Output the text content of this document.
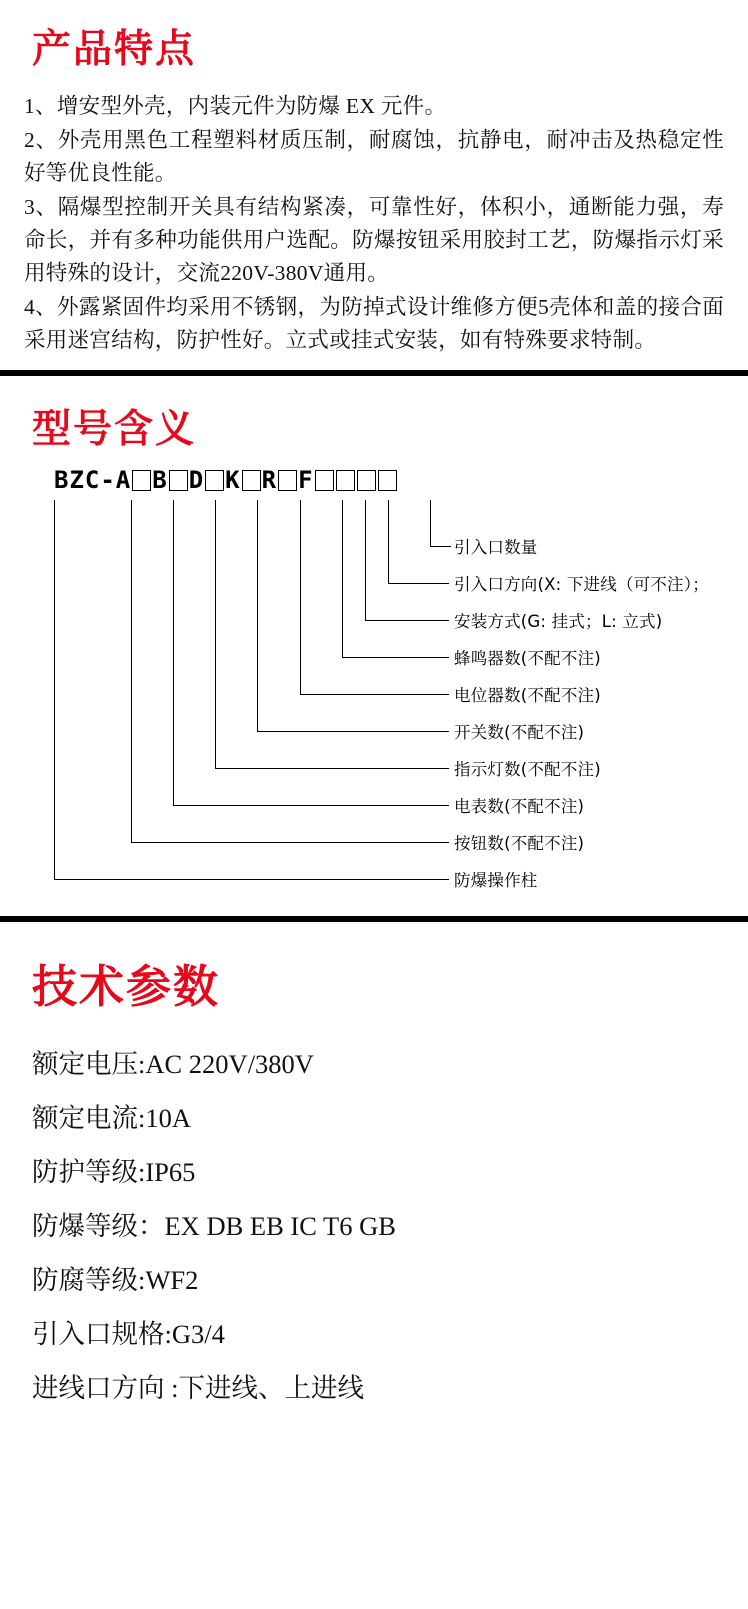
产品特点
1、增安型外壳，内装元件为防爆 EX 元件。
2、外壳用黑色工程塑料材质压制，耐腐蚀，抗静电，耐冲击及热稳定性好等优良性能。
3、隔爆型控制开关具有结构紧凑，可靠性好，体积小，通断能力强，寿命长，并有多种功能供用户选配。防爆按钮采用胶封工艺，防爆指示灯采用特殊的设计，交流220V-380V通用。
4、外露紧固件均采用不锈钢，为防掉式设计维修方便5壳体和盖的接合面采用迷宫结构，防护性好。立式或挂式安装，如有特殊要求特制。
型号含义
BZC-A B D K R F
引入口数量
引入口方向(X: 下进线（可不注）；
安装方式(G: 挂式；L: 立式)
蜂鸣器数(不配不注)
电位器数(不配不注)
开关数(不配不注)
指示灯数(不配不注)
电表数(不配不注)
按钮数(不配不注)
防爆操作柱
技术参数
额定电压:AC 220V/380V
额定电流:10A
防护等级:IP65
防爆等级：EX DB EB IC T6 GB
防腐等级:WF2
引入口规格:G3/4
进线口方向 :下进线、上进线
